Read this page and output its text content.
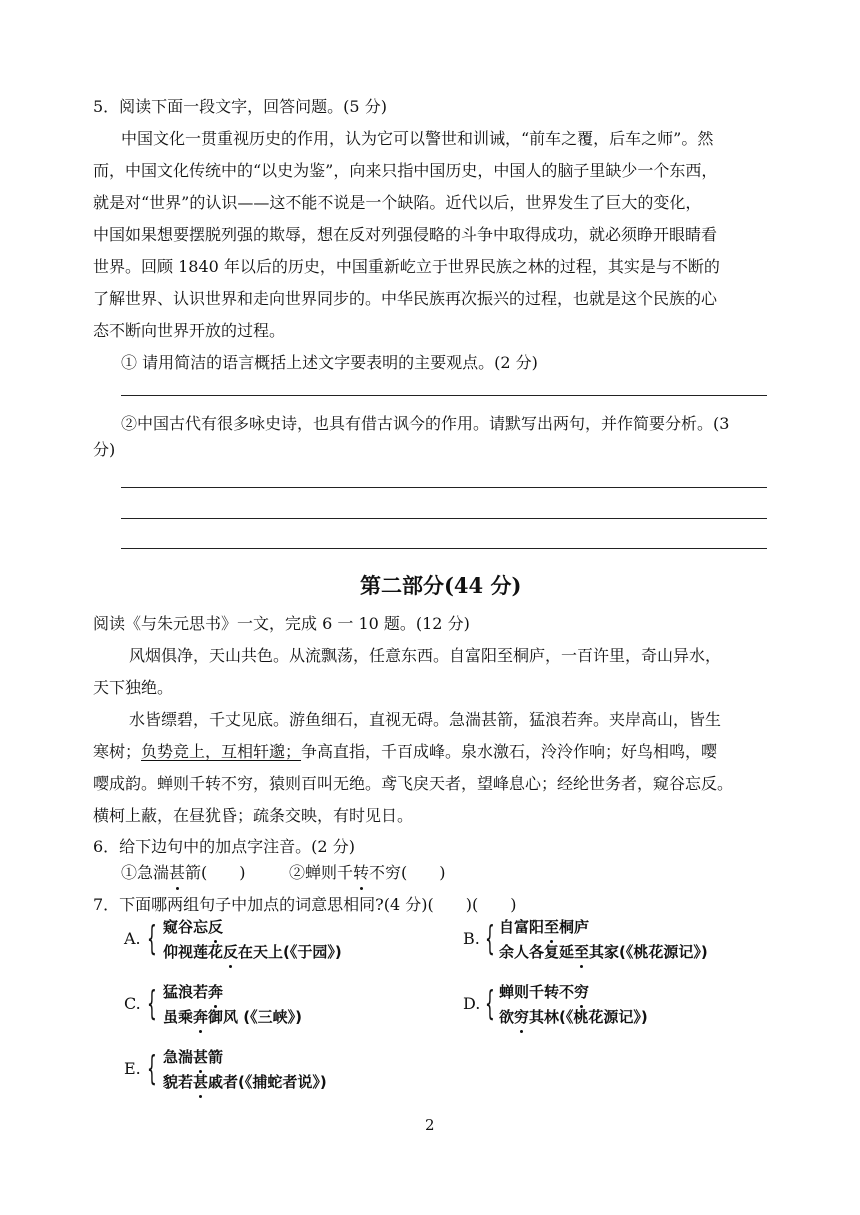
5．阅读下面一段文字，回答问题。(5 分)
中国文化一贯重视历史的作用，认为它可以警世和训诫，“前车之覆，后车之师”。然
而，中国文化传统中的“以史为鉴”，向来只指中国历史，中国人的脑子里缺少一个东西，
就是对“世界”的认识——这不能不说是一个缺陷。近代以后，世界发生了巨大的变化，
中国如果想要摆脱列强的欺辱，想在反对列强侵略的斗争中取得成功，就必须睁开眼睛看
世界。回顾 1840 年以后的历史，中国重新屹立于世界民族之林的过程，其实是与不断的
了解世界、认识世界和走向世界同步的。中华民族再次振兴的过程，也就是这个民族的心
态不断向世界开放的过程。
① 请用简洁的语言概括上述文字要表明的主要观点。(2 分)
②中国古代有很多咏史诗，也具有借古讽今的作用。请默写出两句，并作简要分析。(3
分)
第二部分(44 分)
阅读《与朱元思书》一文，完成 6 一 10 题。(12 分)
风烟俱净，天山共色。从流飘荡，任意东西。自富阳至桐庐，一百许里，奇山异水，
天下独绝。
水皆缥碧，千丈见底。游鱼细石，直视无碍。急湍甚箭，猛浪若奔。夹岸高山，皆生
寒树；负势竞上，互相轩邈；争高直指，千百成峰。泉水激石，泠泠作响；好鸟相鸣，嘤
嘤成韵。蝉则千转不穷，猿则百叫无绝。鸢飞戾天者，望峰息心；经纶世务者，窥谷忘反。
横柯上蔽，在昼犹昏；疏条交映，有时见日。
6．给下边句中的加点字注音。(2 分)
①急湍甚箭(　　)	②蝉则千转不穷(　　)
7．下面哪两组句子中加点的词意思相同?(4 分)(　　)(　　)
A. { 窥谷忘反
仰视莲花反在天上(《于园》)
B. { 自富阳至桐庐
余人各复延至其家(《桃花源记》)
C. { 猛浪若奔
虽乘奔御风 (《三峡》)
D. { 蝉则千转不穷
欲穷其林(《桃花源记》)
E. { 急湍甚箭
貌若甚戚者(《捕蛇者说》)
2
